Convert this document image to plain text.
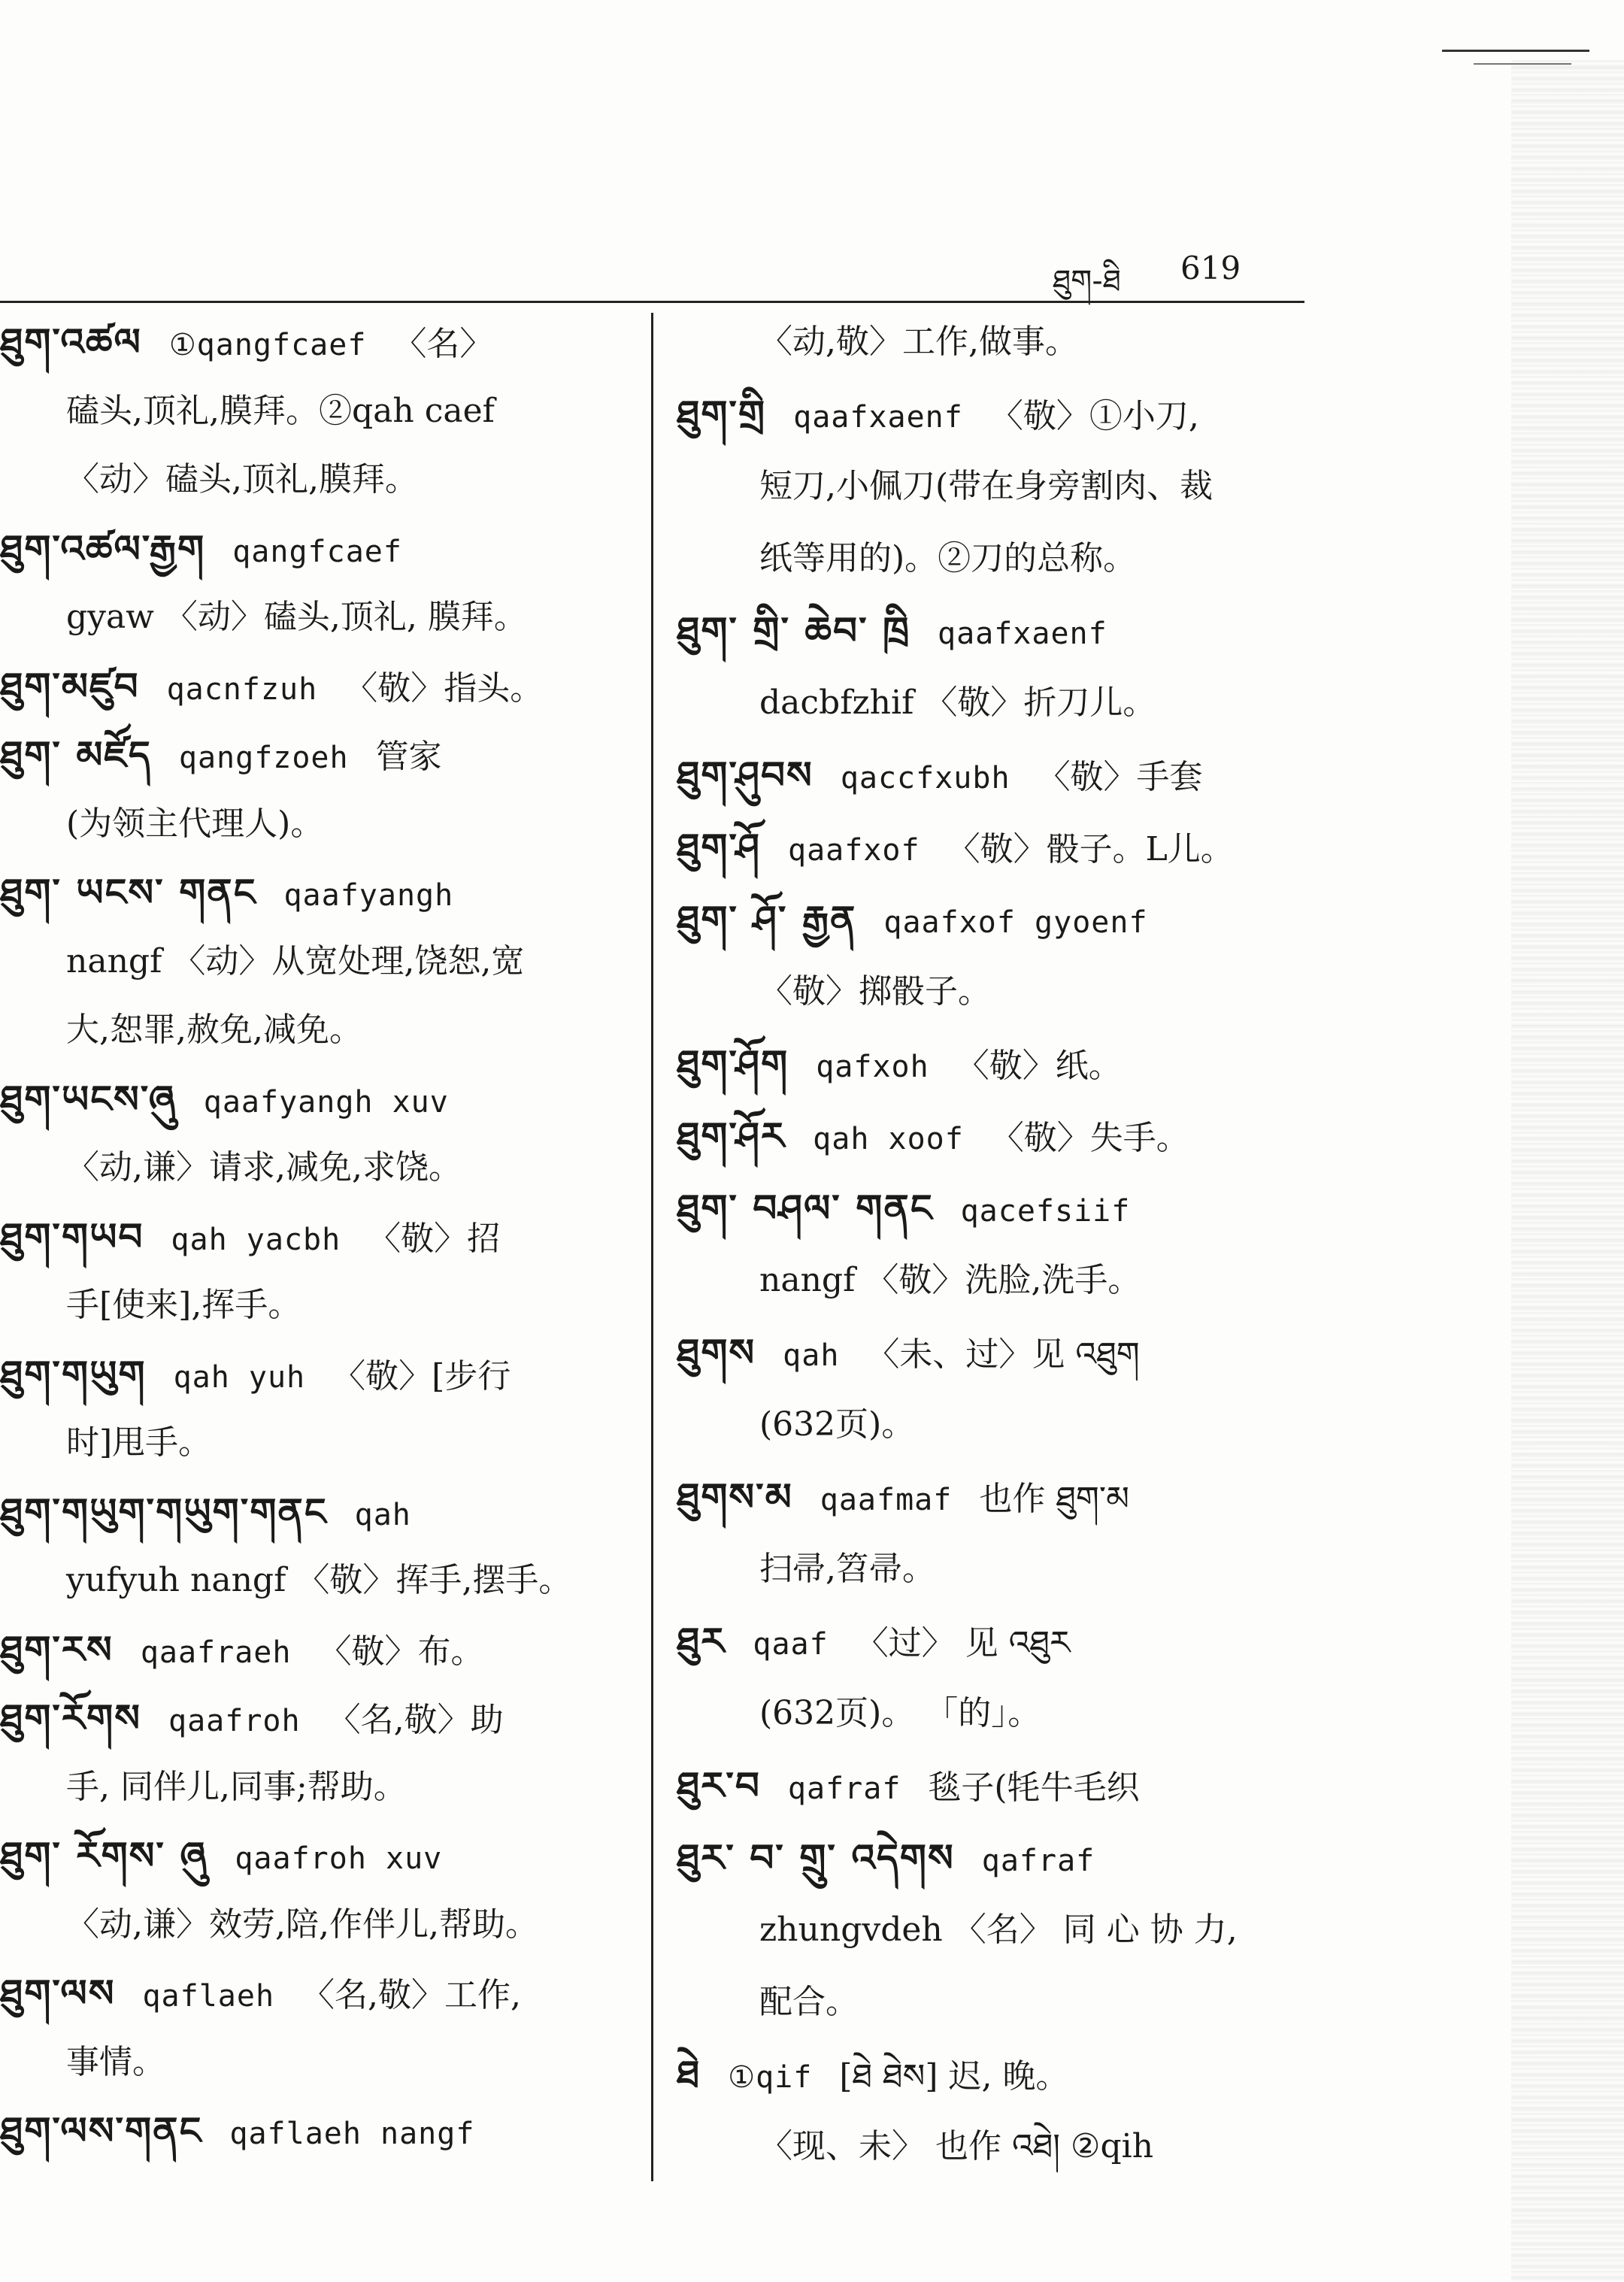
ཐུག-ཐི 619
ཐུག་འཚལ ①qangfcaef 〈名〉
磕头,顶礼,膜拜。②qah caef
〈动〉磕头,顶礼,膜拜。
ཐུག་འཚལ་རྒྱག qangfcaef
gyaw 〈动〉磕头,顶礼, 膜拜。
ཐུག་མཛུབ qacnfzuh 〈敬〉指头。
ཐུག་ མཛོད qangfzoeh 管家
(为领主代理人)。
ཐུག་ ཡངས་ གནང qaafyangh
nangf 〈动〉从宽处理,饶恕,宽
大,恕罪,赦免,减免。
ཐུག་ཡངས་ཞུ qaafyangh xuv
〈动,谦〉请求,减免,求饶。
ཐུག་གཡབ qah yacbh 〈敬〉招
手[使来],挥手。
ཐུག་གཡུག qah yuh 〈敬〉[步行
时]甩手。
ཐུག་གཡུག་གཡུག་གནང qah
yufyuh nangf 〈敬〉挥手,摆手。
ཐུག་རས qaafraeh 〈敬〉布。
ཐུག་རོགས qaafroh 〈名,敬〉助
手, 同伴儿,同事;帮助。
ཐུག་ རོགས་ ཞུ qaafroh xuv
〈动,谦〉效劳,陪,作伴儿,帮助。
ཐུག་ལས qaflaeh 〈名,敬〉工作,
事情。
ཐུག་ལས་གནང qaflaeh nangf
〈动,敬〉工作,做事。
ཐུག་གྲི qaafxaenf 〈敬〉①小刀,
短刀,小佩刀(带在身旁割肉、裁
纸等用的)。②刀的总称。
ཐུག་ གྲི་ ཆེབ་ ཁྲི qaafxaenf
dacbfzhif 〈敬〉折刀儿。
ཐུག་ཤུབས qaccfxubh 〈敬〉手套
ཐུག་ཤོ qaafxof 〈敬〉骰子。L儿。
ཐུག་ ཤོ་ རྒྱན qaafxof gyoenf
〈敬〉掷骰子。
ཐུག་ཤོག qafxoh 〈敬〉纸。
ཐུག་ཤོར qah xoof 〈敬〉失手。
ཐུག་ བཤལ་ གནང qacefsiif
nangf 〈敬〉洗脸,洗手。
ཐུགས qah 〈未、过〉见 འཐུག
(632页)。
ཐུགས་མ qaafmaf 也作 ཐུག་མ
扫帚,笤帚。
ཐུར qaaf 〈过〉 见 འཐུར
(632页)。 「的」。
ཐུར་བ qafraf 毯子(牦牛毛织
ཐུར་ བ་ གྲུ་ འདེགས qafraf
zhungvdeh 〈名〉 同 心 协 力,
配合。
ཐེ ①qif [ཐེ ཐེས] 迟, 晚。
〈现、未〉 也作 འཐེ། ②qih
